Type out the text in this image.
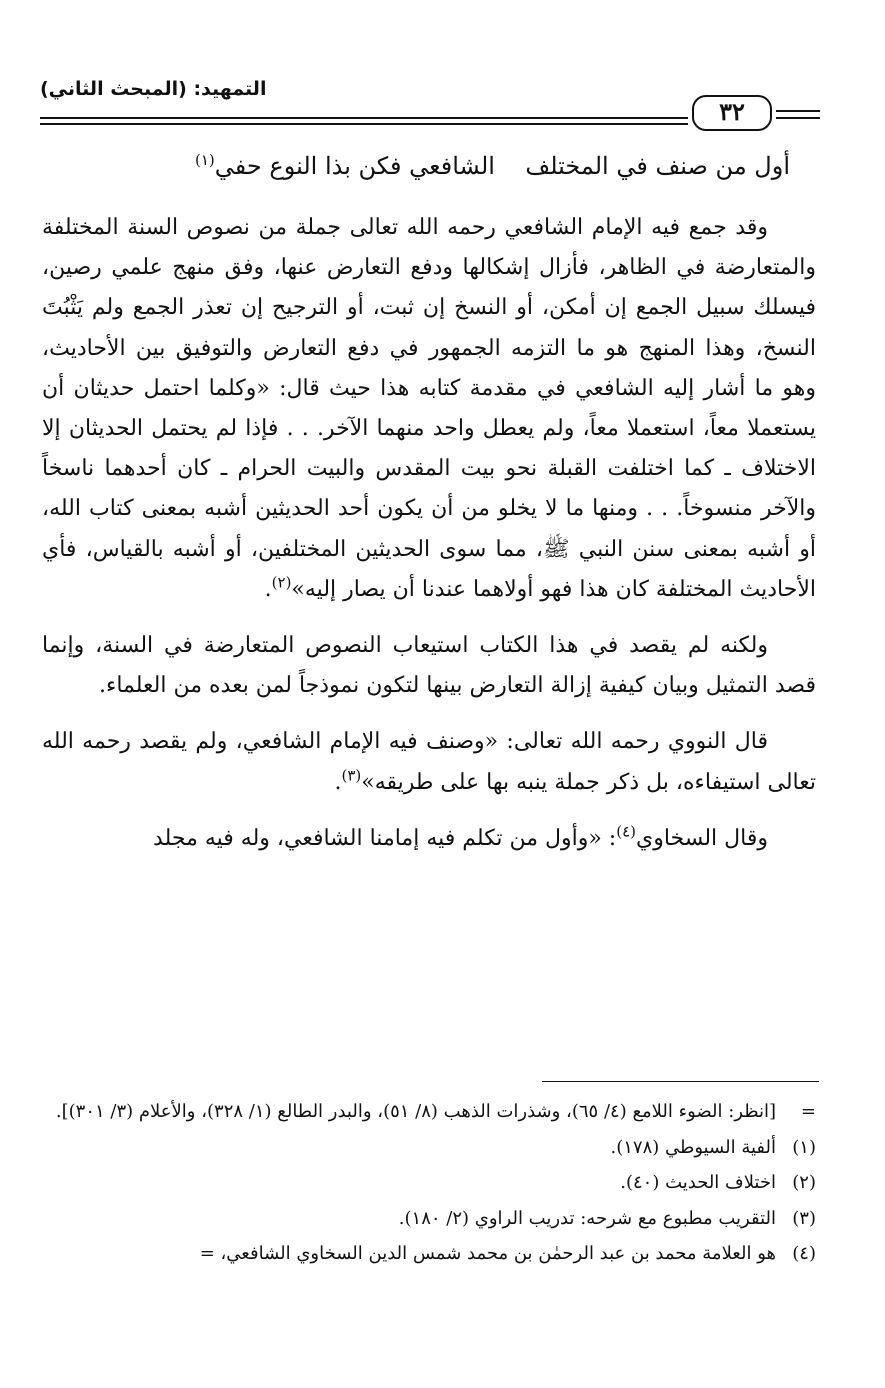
التمهيد: (المبحث الثاني)
٣٢
أول من صنف في المختلف
الشافعي فكن بذا النوع حفي$^{(١)}$

وقد جمع فيه الإمام الشافعي رحمه الله تعالى جملة من نصوص السنة المختلفة والمتعارضة في الظاهر، فأزال إشكالها ودفع التعارض عنها، وفق منهج علمي رصين، فيسلك سبيل الجمع إن أمكن، أو النسخ إن ثبت، أو الترجيح إن تعذر الجمع ولم يَثْبُتَ النسخ، وهذا المنهج هو ما التزمه الجمهور في دفع التعارض والتوفيق بين الأحاديث، وهو ما أشار إليه الشافعي في مقدمة كتابه هذا حيث قال: «وكلما احتمل حديثان أن يستعملا معاً، استعملا معاً، ولم يعطل واحد منهما الآخر. . . فإذا لم يحتمل الحديثان إلا الاختلاف ـ كما اختلفت القبلة نحو بيت المقدس والبيت الحرام ـ كان أحدهما ناسخاً والآخر منسوخاً. . . ومنها ما لا يخلو من أن يكون أحد الحديثين أشبه بمعنى كتاب الله، أو أشبه بمعنى سنن النبي ﷺ، مما سوى الحديثين المختلفين، أو أشبه بالقياس، فأي الأحاديث المختلفة كان هذا فهو أولاهما عندنا أن يصار إليه»$^{(٢)}$.

ولكنه لم يقصد في هذا الكتاب استيعاب النصوص المتعارضة في السنة، وإنما قصد التمثيل وبيان كيفية إزالة التعارض بينها لتكون نموذجاً لمن بعده من العلماء.

قال النووي رحمه الله تعالى: «وصنف فيه الإمام الشافعي، ولم يقصد رحمه الله تعالى استيفاءه، بل ذكر جملة ينبه بها على طريقه»$^{(٣)}$.

وقال السخاوي$^{(٤)}$: «وأول من تكلم فيه إمامنا الشافعي، وله فيه مجلد

=
[انظر: الضوء اللامع (٤/ ٦٥)، وشذرات الذهب (٨/ ٥١)، والبدر الطالع (١/ ٣٢٨)، والأعلام (٣/ ٣٠١)].
(١)
ألفية السيوطي (١٧٨).
(٢)
اختلاف الحديث (٤٠).
(٣)
التقريب مطبوع مع شرحه: تدريب الراوي (٢/ ١٨٠).
(٤)
هو العلامة محمد بن عبد الرحمٰن بن محمد شمس الدين السخاوي الشافعي، =
